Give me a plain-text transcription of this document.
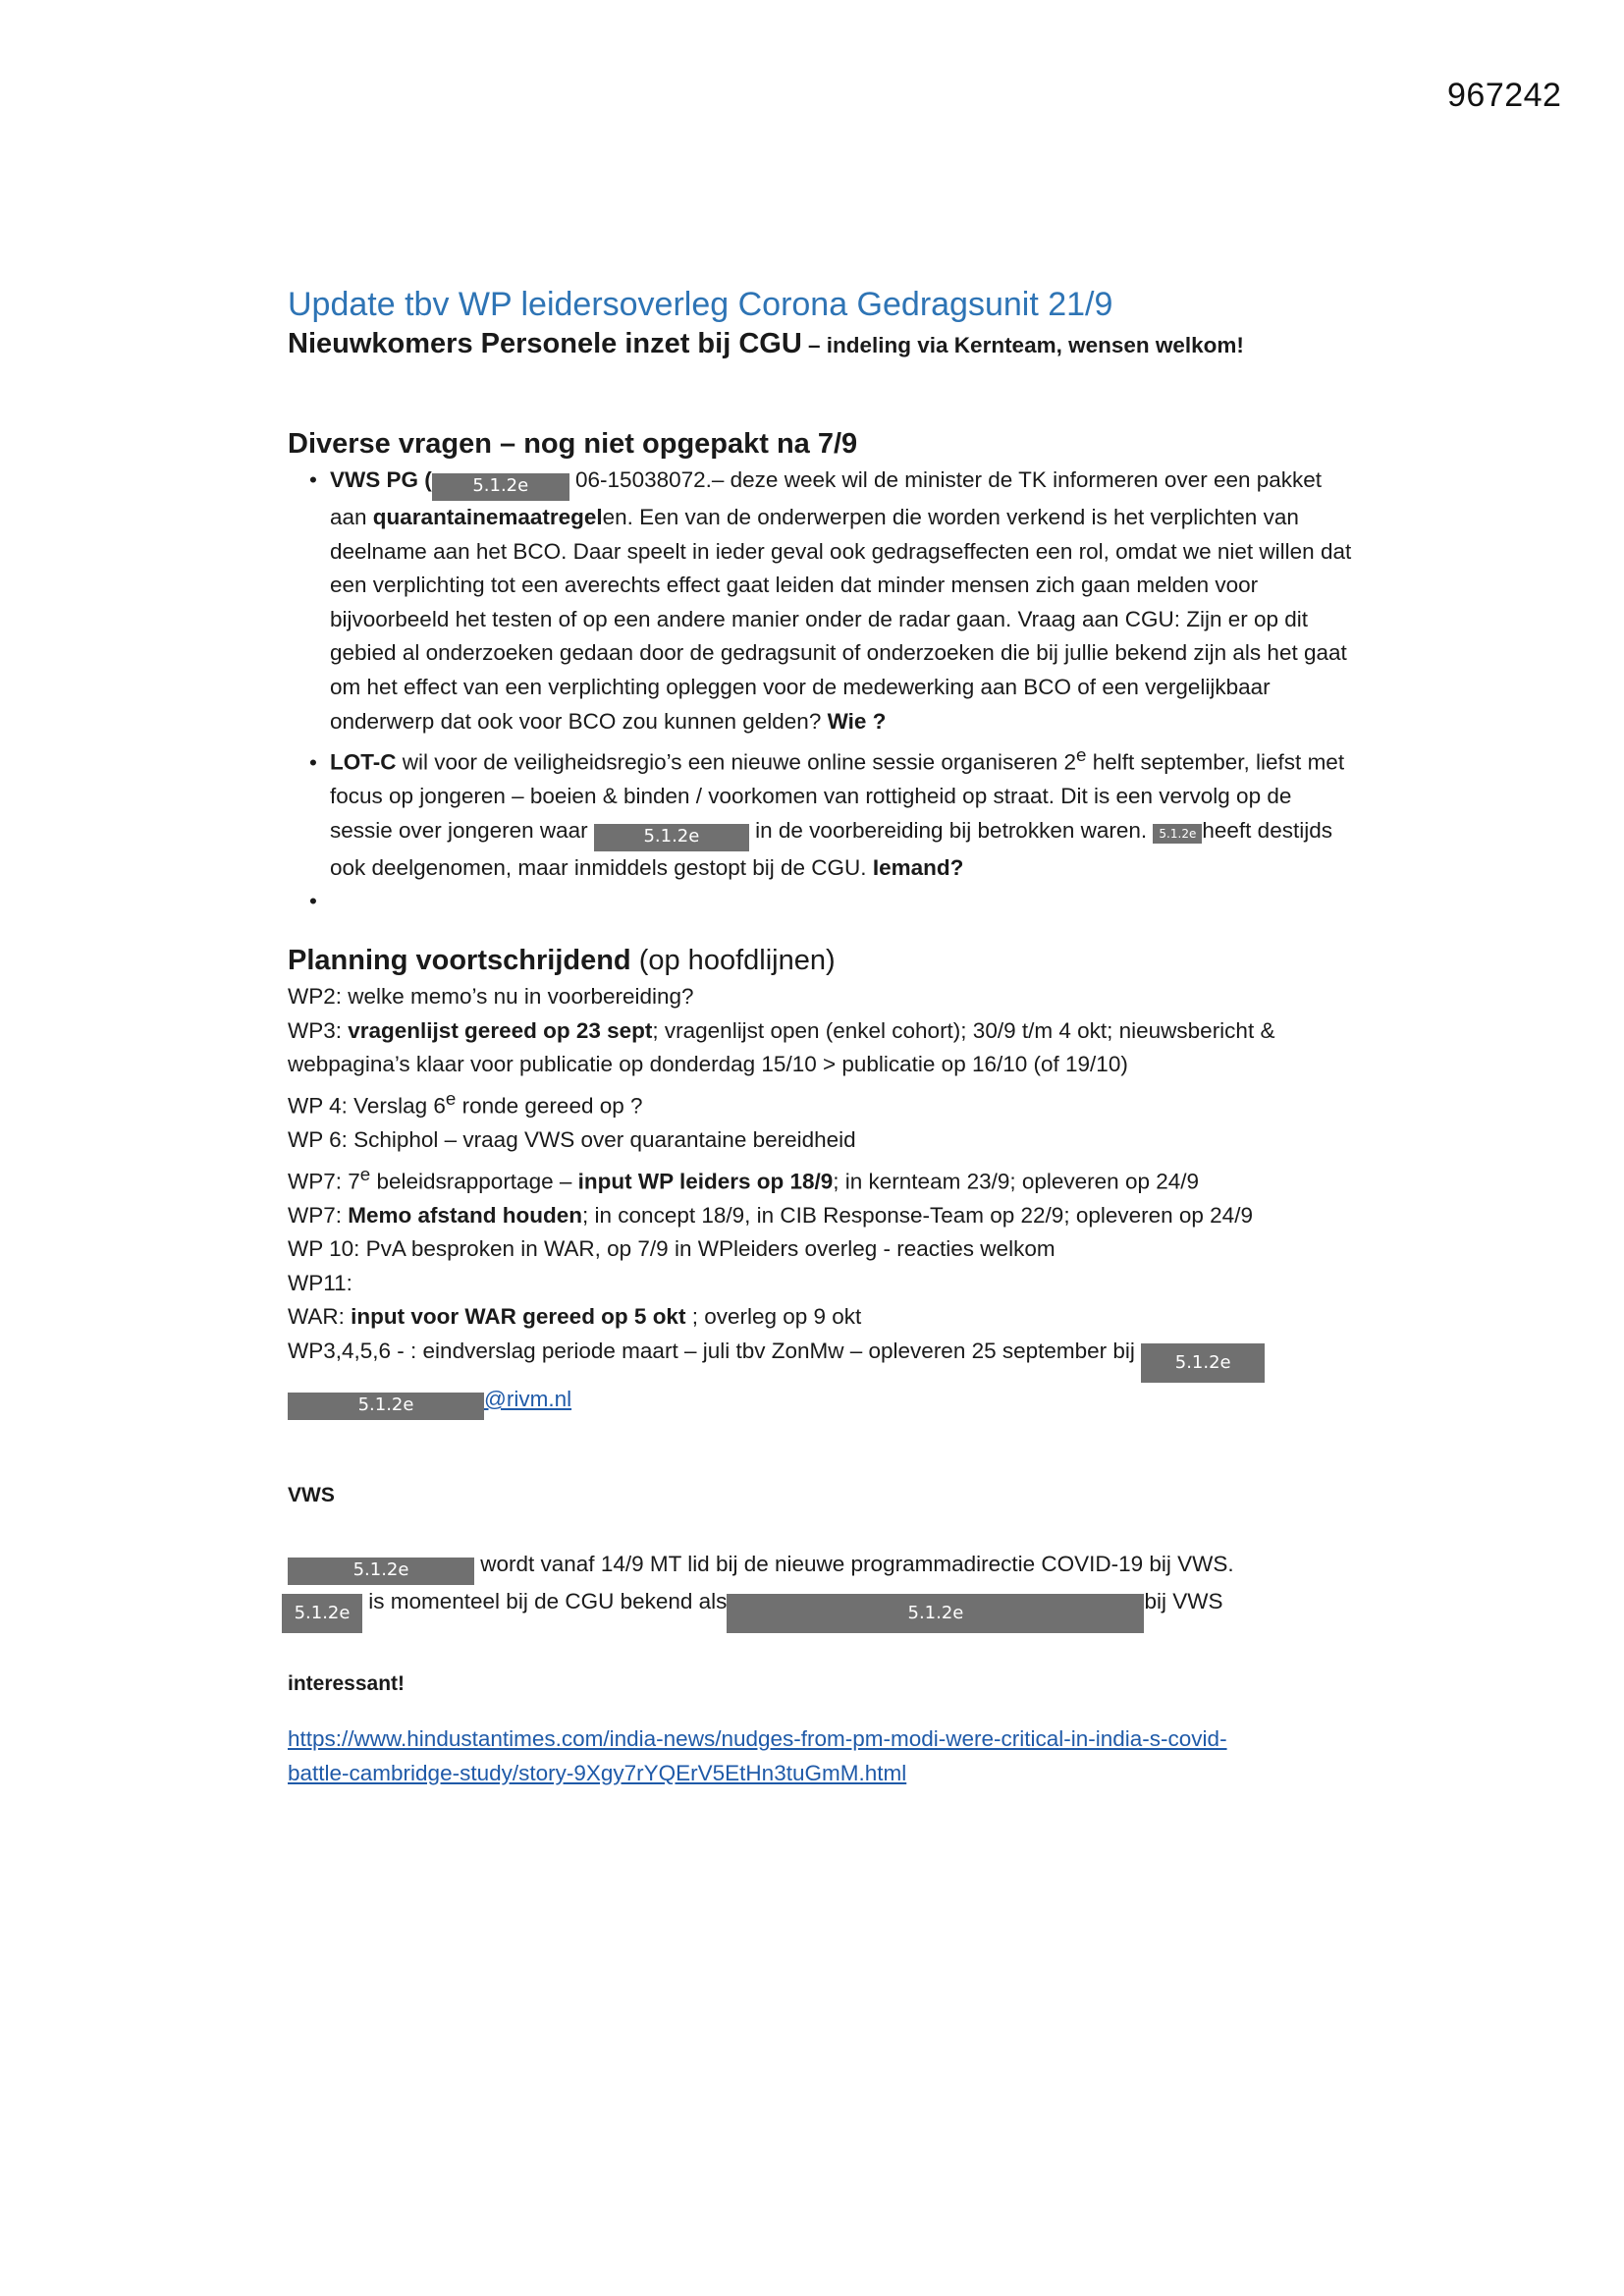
967242

Update tbv WP leidersoverleg Corona Gedragsunit 21/9

Nieuwkomers Personele inzet bij CGU – indeling via Kernteam, wensen welkom!

Diverse vragen – nog niet opgepakt na 7/9

• VWS PG ( 5.1.2e 06-15038072.– deze week wil de minister de TK informeren over een pakket aan quarantainemaatregelen. Een van de onderwerpen die worden verkend is het verplichten van deelname aan het BCO. Daar speelt in ieder geval ook gedragseffecten een rol, omdat we niet willen dat een verplichting tot een averechts effect gaat leiden dat minder mensen zich gaan melden voor bijvoorbeeld het testen of op een andere manier onder de radar gaan. Vraag aan CGU: Zijn er op dit gebied al onderzoeken gedaan door de gedragsunit of onderzoeken die bij jullie bekend zijn als het gaat om het effect van een verplichting opleggen voor de medewerking aan BCO of een vergelijkbaar onderwerp dat ook voor BCO zou kunnen gelden? Wie ?

• LOT-C wil voor de veiligheidsregio’s een nieuwe online sessie organiseren 2e helft september, liefst met focus op jongeren – boeien & binden / voorkomen van rottigheid op straat. Dit is een vervolg op de sessie over jongeren waar	5.1.2e in de voorbereiding bij betrokken waren. 5.1.2e heeft destijds ook deelgenomen, maar inmiddels gestopt bij de CGU. Iemand?

•

Planning voortschrijdend (op hoofdlijnen)

WP2: welke memo’s nu in voorbereiding?

WP3: vragenlijst gereed op 23 sept; vragenlijst open (enkel cohort); 30/9 t/m 4 okt; nieuwsbericht & webpagina’s klaar voor publicatie op donderdag 15/10 > publicatie op 16/10 (of 19/10)

WP 4: Verslag 6e ronde gereed op ?

WP 6: Schiphol – vraag VWS over quarantaine bereidheid

WP7: 7e beleidsrapportage – input WP leiders op 18/9; in kernteam 23/9; opleveren op 24/9

WP7: Memo afstand houden; in concept 18/9, in CIB Response-Team op 22/9; opleveren op 24/9

WP 10: PvA besproken in WAR, op 7/9 in WPleiders overleg - reacties welkom

WP11:

WAR: input voor WAR gereed op 5 okt ; overleg op 9 okt

WP3,4,5,6 - : eindverslag periode maart – juli tbv ZonMw – opleveren 25 september bij 5.1.2e

5.1.2e	@rivm.nl

VWS

5.1.2e	wordt vanaf 14/9 MT lid bij de nieuwe programmadirectie COVID-19 bij VWS.

5.1.2e is momenteel bij de CGU bekend als	5.1.2e	bij VWS

interessant!

https://www.hindustantimes.com/india-news/nudges-from-pm-modi-were-critical-in-india-s-covid-
battle-cambridge-study/story-9Xgy7rYQErV5EtHn3tuGmM.html
